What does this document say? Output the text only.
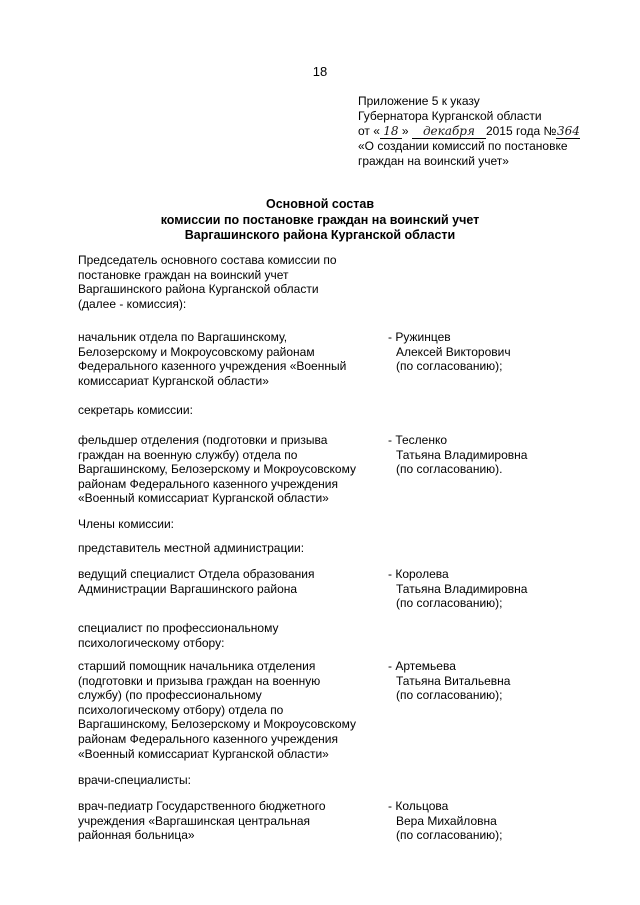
18
Приложение 5 к указу
Губернатора Курганской области
от « 18 » декабря 2015 года №364
«О создании комиссий по постановке
граждан на воинский учет»
Основной состав
комиссии по постановке граждан на воинский учет
Варгашинского района Курганской области
Председатель основного состава комиссии по
постановке граждан на воинский учет
Варгашинского района Курганской области
(далее - комиссия):
начальник отдела по Варгашинскому,
Белозерскому и Мокроусовскому районам
Федерального казенного учреждения «Военный
комиссариат Курганской области»
- Ружинцев
Алексей Викторович
(по согласованию);
секретарь комиссии:
фельдшер отделения (подготовки и призыва
граждан на военную службу) отдела по
Варгашинскому, Белозерскому и Мокроусовскому
районам Федерального казенного учреждения
«Военный комиссариат Курганской области»
- Тесленко
Татьяна Владимировна
(по согласованию).
Члены комиссии:
представитель местной администрации:
ведущий специалист Отдела образования
Администрации Варгашинского района
- Королева
Татьяна Владимировна
(по согласованию);
специалист по профессиональному
психологическому отбору:
старший помощник начальника отделения
(подготовки и призыва граждан на военную
службу) (по профессиональному
психологическому отбору) отдела по
Варгашинскому, Белозерскому и Мокроусовскому
районам Федерального казенного учреждения
«Военный комиссариат Курганской области»
- Артемьева
Татьяна Витальевна
(по согласованию);
врачи-специалисты:
врач-педиатр Государственного бюджетного
учреждения «Варгашинская центральная
районная больница»
- Кольцова
Вера Михайловна
(по согласованию);
